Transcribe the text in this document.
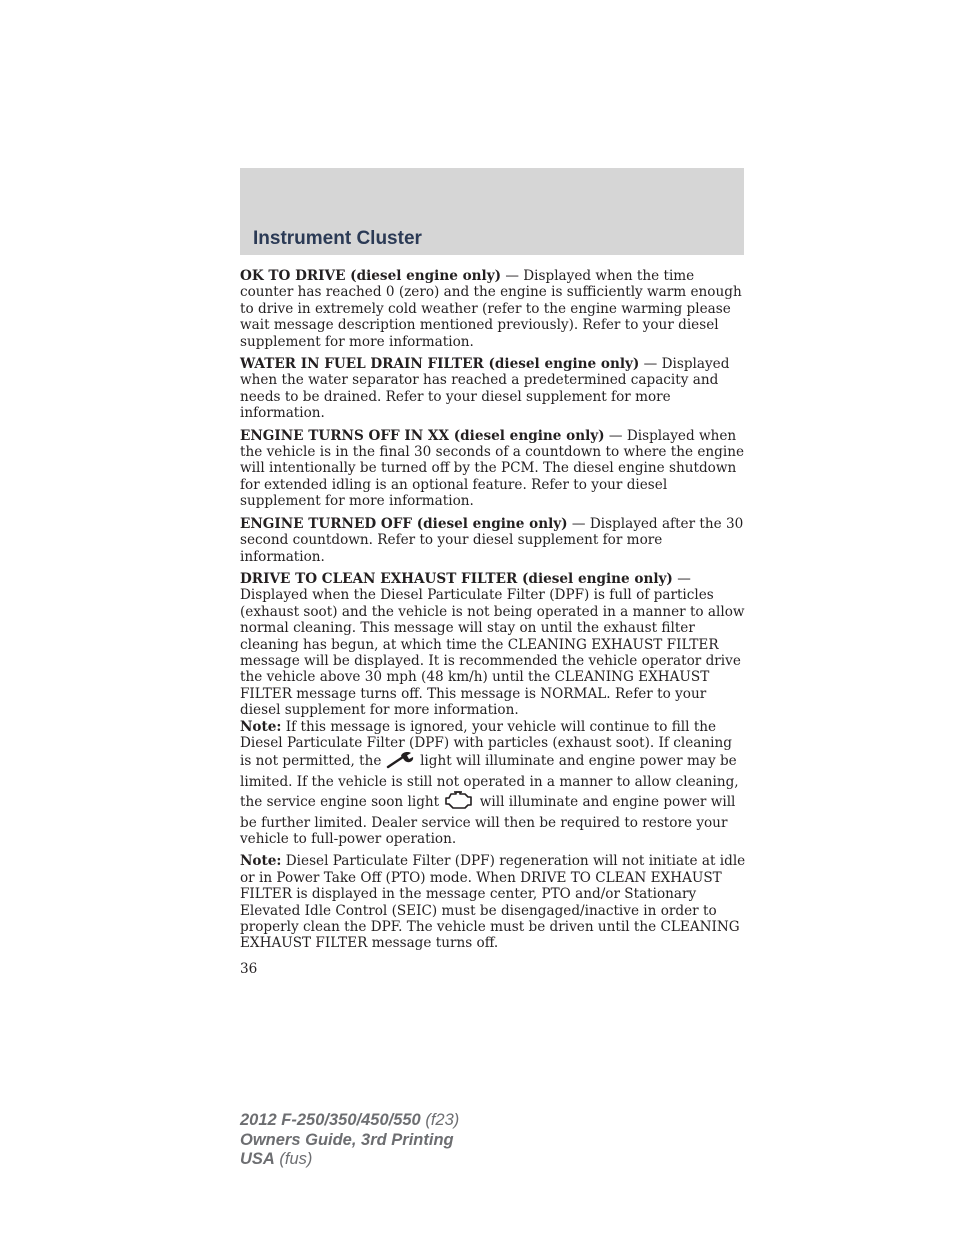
Instrument Cluster

OK TO DRIVE (diesel engine only) — Displayed when the time counter has reached 0 (zero) and the engine is sufficiently warm enough to drive in extremely cold weather (refer to the engine warming please wait message description mentioned previously). Refer to your diesel supplement for more information.

WATER IN FUEL DRAIN FILTER (diesel engine only) — Displayed when the water separator has reached a predetermined capacity and needs to be drained. Refer to your diesel supplement for more information.

ENGINE TURNS OFF IN XX (diesel engine only) — Displayed when the vehicle is in the final 30 seconds of a countdown to where the engine will intentionally be turned off by the PCM. The diesel engine shutdown for extended idling is an optional feature. Refer to your diesel supplement for more information.

ENGINE TURNED OFF (diesel engine only) — Displayed after the 30 second countdown. Refer to your diesel supplement for more information.

DRIVE TO CLEAN EXHAUST FILTER (diesel engine only) — Displayed when the Diesel Particulate Filter (DPF) is full of particles (exhaust soot) and the vehicle is not being operated in a manner to allow normal cleaning. This message will stay on until the exhaust filter cleaning has begun, at which time the CLEANING EXHAUST FILTER message will be displayed. It is recommended the vehicle operator drive the vehicle above 30 mph (48 km/h) until the CLEANING EXHAUST FILTER message turns off. This message is NORMAL. Refer to your diesel supplement for more information.

Note: If this message is ignored, your vehicle will continue to fill the Diesel Particulate Filter (DPF) with particles (exhaust soot). If cleaning is not permitted, the  light will illuminate and engine power may be limited. If the vehicle is still not operated in a manner to allow cleaning, the service engine soon light  will illuminate and engine power will be further limited. Dealer service will then be required to restore your vehicle to full-power operation.

Note: Diesel Particulate Filter (DPF) regeneration will not initiate at idle or in Power Take Off (PTO) mode. When DRIVE TO CLEAN EXHAUST FILTER is displayed in the message center, PTO and/or Stationary Elevated Idle Control (SEIC) must be disengaged/inactive in order to properly clean the DPF. The vehicle must be driven until the CLEANING EXHAUST FILTER message turns off.

36
2012 F-250/350/450/550 (f23)
Owners Guide, 3rd Printing
USA (fus)
